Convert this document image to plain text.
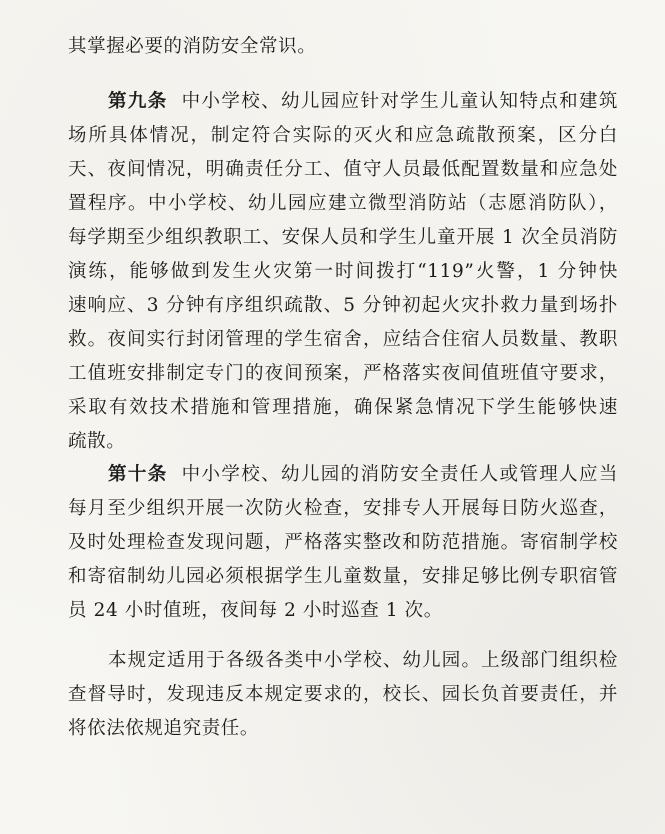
其掌握必要的消防安全常识。
第九条 中小学校、幼儿园应针对学生儿童认知特点和建筑
场所具体情况，制定符合实际的灭火和应急疏散预案，区分白
天、夜间情况，明确责任分工、值守人员最低配置数量和应急处
置程序。中小学校、幼儿园应建立微型消防站（志愿消防队），
每学期至少组织教职工、安保人员和学生儿童开展 1 次全员消防
演练，能够做到发生火灾第一时间拨打“119”火警，1 分钟快
速响应、3 分钟有序组织疏散、5 分钟初起火灾扑救力量到场扑
救。夜间实行封闭管理的学生宿舍，应结合住宿人员数量、教职
工值班安排制定专门的夜间预案，严格落实夜间值班值守要求，
采取有效技术措施和管理措施，确保紧急情况下学生能够快速
疏散。
第十条 中小学校、幼儿园的消防安全责任人或管理人应当
每月至少组织开展一次防火检查，安排专人开展每日防火巡查，
及时处理检查发现问题，严格落实整改和防范措施。寄宿制学校
和寄宿制幼儿园必须根据学生儿童数量，安排足够比例专职宿管
员 24 小时值班，夜间每 2 小时巡查 1 次。
本规定适用于各级各类中小学校、幼儿园。上级部门组织检
查督导时，发现违反本规定要求的，校长、园长负首要责任，并
将依法依规追究责任。
